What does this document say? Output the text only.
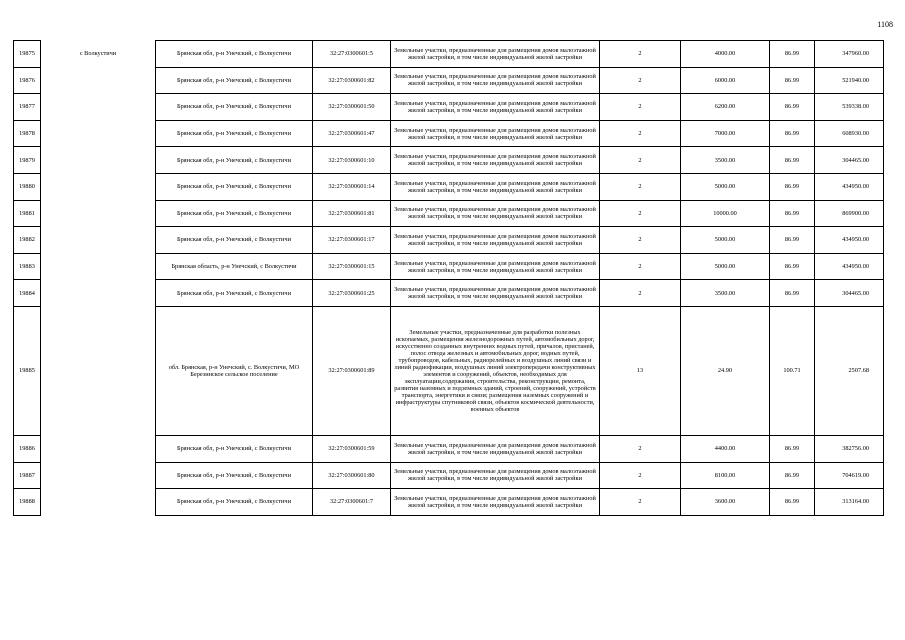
1108
19875	с Волкустичи	Брянская обл, р-н Унечский, с Волкустичи	32:27:0300601:5	Земельные участки, предназначенные для размещения домов малоэтажной жилой застройки, в том числе индивидуальной жилой застройки	2	4000.00	86.99	347960.00
19876		Брянская обл, р-н Унечский, с Волкустичи	32:27:0300601:82	Земельные участки, предназначенные для размещения домов малоэтажной жилой застройки, в том числе индивидуальной жилой застройки	2	6000.00	86.99	521940.00
19877		Брянская обл, р-н Унечский, с Волкустичи	32:27:0300601:50	Земельные участки, предназначенные для размещения домов малоэтажной жилой застройки, в том числе индивидуальной жилой застройки	2	6200.00	86.99	539338.00
19878		Брянская обл, р-н Унечский, с Волкустичи	32:27:0300601:47	Земельные участки, предназначенные для размещения домов малоэтажной жилой застройки, в том числе индивидуальной жилой застройки	2	7000.00	86.99	608930.00
19879		Брянская обл, р-н Унечский, с Волкустичи	32:27:0300601:10	Земельные участки, предназначенные для размещения домов малоэтажной жилой застройки, в том числе индивидуальной жилой застройки	2	3500.00	86.99	304465.00
19880		Брянская обл, р-н Унечский, с Волкустичи	32:27:0300601:14	Земельные участки, предназначенные для размещения домов малоэтажной жилой застройки, в том числе индивидуальной жилой застройки	2	5000.00	86.99	434950.00
19881		Брянская обл, р-н Унечский, с Волкустичи	32:27:0300601:81	Земельные участки, предназначенные для размещения домов малоэтажной жилой застройки, в том числе индивидуальной жилой застройки	2	10000.00	86.99	869900.00
19882		Брянская обл, р-н Унечский, с Волкустичи	32:27:0300601:17	Земельные участки, предназначенные для размещения домов малоэтажной жилой застройки, в том числе индивидуальной жилой застройки	2	5000.00	86.99	434950.00
19883		Брянская область, р-н Унечский, с Волкустичи	32:27:0300601:15	Земельные участки, предназначенные для размещения домов малоэтажной жилой застройки, в том числе индивидуальной жилой застройки	2	5000.00	86.99	434950.00
19884		Брянская обл, р-н Унечский, с Волкустичи	32:27:0300601:25	Земельные участки, предназначенные для размещения домов малоэтажной жилой застройки, в том числе индивидуальной жилой застройки	2	3500.00	86.99	304465.00
19885		обл. Брянская, р-н Унечский, с. Волкустичи, МО Березинское сельское поселение	32:27:0300601:89	Земельные участки, предназначенные для разработки полезных ископаемых, размещения железнодорожных путей, автомобильных дорог, искусственно созданных внутренних водных путей, причалов, пристаней, полос отвода железных и автомобильных дорог, водных путей, трубопроводов, кабельных, радиорелейных и воздушных линий связи и линий радиофикации, воздушных линий электропередачи конструктивных элементов и сооружений, объектов, необходимых для эксплуатации,содержания, строительства, реконструкции, ремонта, развития наземных и подземных зданий, строений, сооружений, устройств транспорта, энергетики и связи; размещения наземных сооружений и инфраструктуры спутниковой связи, объектов космической деятельности, военных объектов	13	24.90	100.71	2507.68
19886		Брянская обл, р-н Унечский, с Волкустичи	32:27:0300601:59	Земельные участки, предназначенные для размещения домов малоэтажной жилой застройки, в том числе индивидуальной жилой застройки	2	4400.00	86.99	382756.00
19887		Брянская обл, р-н Унечский, с Волкустичи	32:27:0300601:80	Земельные участки, предназначенные для размещения домов малоэтажной жилой застройки, в том числе индивидуальной жилой застройки	2	8100.00	86.99	704619.00
19888		Брянская обл, р-н Унечский, с Волкустичи	32:27:0300601:7	Земельные участки, предназначенные для размещения домов малоэтажной жилой застройки, в том числе индивидуальной жилой застройки	2	3600.00	86.99	313164.00
